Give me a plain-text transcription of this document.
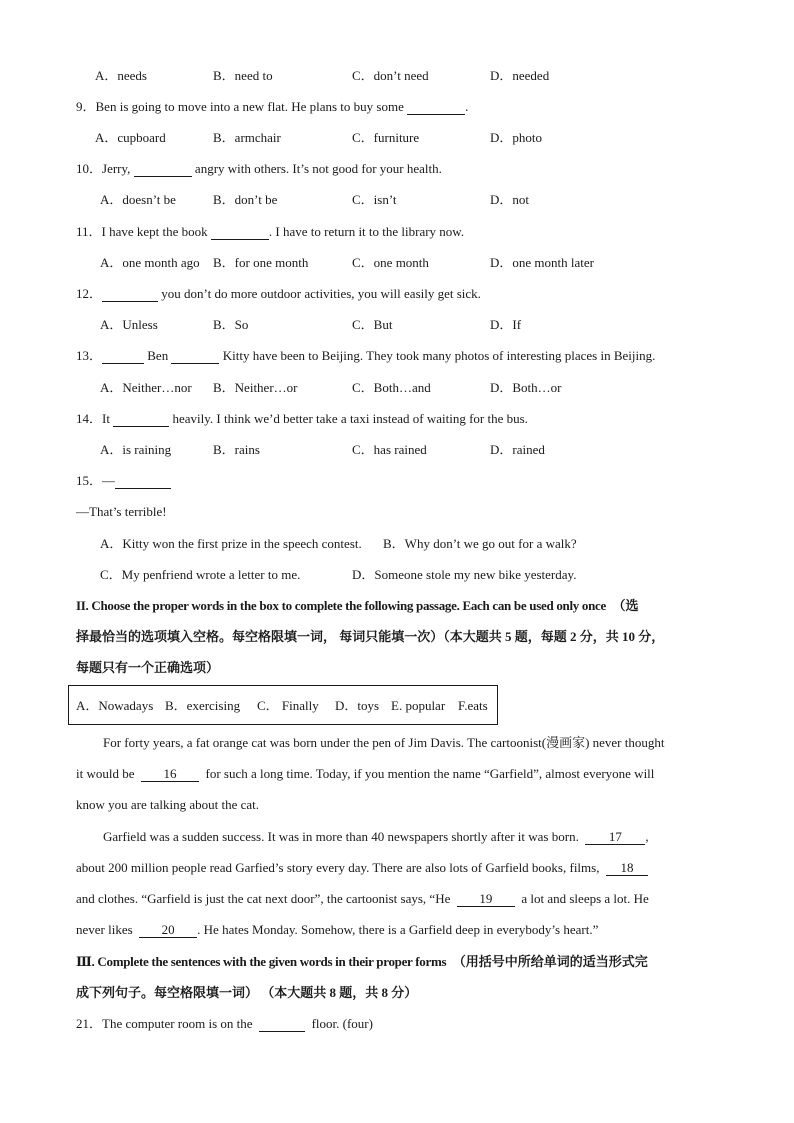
A．needs	B．need to	C．don’t need	D．needed
9．Ben is going to move into a new flat. He plans to buy some	.
A．cupboard	B．armchair	C．furniture	D．photo
10．Jerry,	angry with others. It’s not good for your health.
A．doesn’t be	B．don’t be	C．isn’t	D．not
11．I have kept the book	. I have to return it to the library now.
A．one month ago B．for one month	C．one month	D．one month later
12．	you don’t do more outdoor activities, you will easily get sick.
A．Unless	B．So	C．But	D．If
13．	Ben	Kitty have been to Beijing. They took many photos of interesting places in Beijing.
A．Neither…nor B．Neither…or	C．Both…and	D．Both…or
14．It	heavily. I think we’d better take a taxi instead of waiting for the bus.
A．is raining	B．rains	C．has rained	D．rained
15．—
—That’s terrible!
A．Kitty won the first prize in the speech contest. B．Why don’t we go out for a walk?
C．My penfriend wrote a letter to me.	D．Someone stole my new bike yesterday.
II. Choose the proper words in the box to complete the following passage. Each can be used only once （选
择最恰当的选项填入空格。每空格限填一词， 每词只能填一次）（本大题共 5 题，每题 2 分，共 10 分，
每题只有一个正确选项）
A．Nowadays B．exercising C． Finally D．toys E. popular F.eats
For forty years, a fat orange cat was born under the pen of Jim Davis. The cartoonist(漫画家) never thought
it would be 16 for such a long time. Today, if you mention the name “Garfield”, almost everyone will
know you are talking about the cat.
Garfield was a sudden success. It was in more than 40 newspapers shortly after it was born. 17 ,
about 200 million people read Garfied’s story every day. There are also lots of Garfield books, films, 18
and clothes. “Garfield is just the cat next door”, the cartoonist says, “He 19 a lot and sleeps a lot. He
never likes 20 . He hates Monday. Somehow, there is a Garfield deep in everybody’s heart.”
Ⅲ. Complete the sentences with the given words in their proper forms （用括号中所给单词的适当形式完
成下列句子。每空格限填一词） （本大题共 8 题，共 8 分）
21．The computer room is on the	floor. (four)
